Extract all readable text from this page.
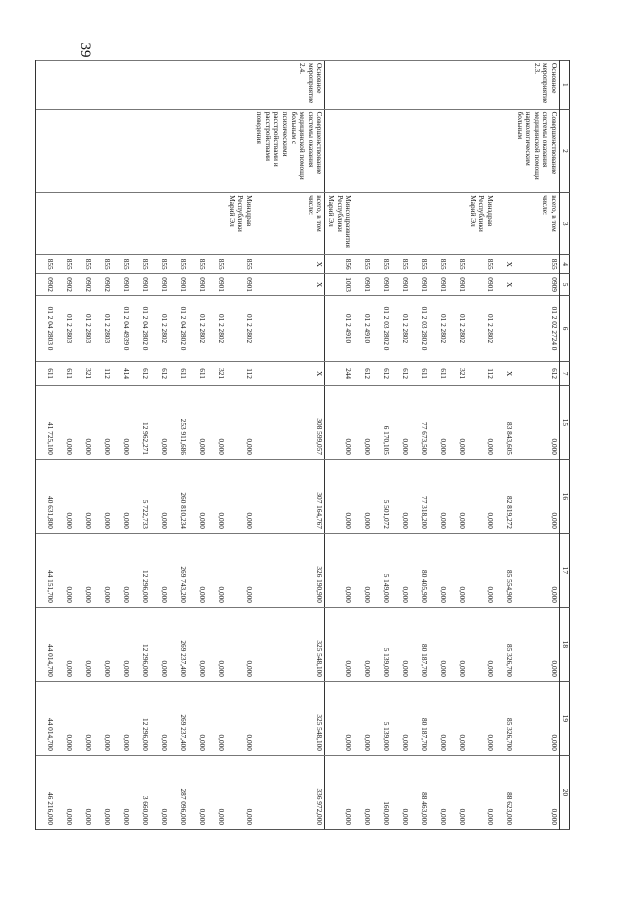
39
1	2	3	4	5	6	7	15	16	17	18	19	20
Основное мероприятие 2.3.	Совершенствование системы оказания медицинской помощи наркологическим больным	всего, в том числе:	855	0909	01 2 02 2724 0	612	0,000	0,000	0,000	0,000	0,000	0,000
			X	X		X	83 843,605	82 819,272	85 554,900	85 326,700	85 326,700	88 623,000
		Минздрав Республики Марий Эл	855	0901	01 2 2802	112	0,000	0,000	0,000	0,000	0,000	0,000
			855	0901	01 2 2802	321	0,000	0,000	0,000	0,000	0,000	0,000
			855	0901	01 2 2802	611	0,000	0,000	0,000	0,000	0,000	0,000
			855	0901	01 2 03 2802 0	611	77 673,500	77 318,200	80 405,900	80 187,700	80 187,700	88 463,000
			855	0901	01 2 2802	612	0,000	0,000	0,000	0,000	0,000	0,000
			855	0901	01 2 03 2802 0	612	6 170,105	5 501,072	5 149,000	5 139,000	5 139,000	160,000
			855	0901	01 2 4910	612	0,000	0,000	0,000	0,000	0,000	0,000
		Минсоцразвития Республики Марий Эл	856	1003	01 2 4910	244	0,000	0,000	0,000	0,000	0,000	0,000
Основное мероприятие 2.4.	Совершенствование системы оказания медицинской помощи больным с психическими расстройствами и расстройствами поведения	всего, в том числе:	X	X		X	308 599,057	307 164,767	326 190,900	325 548,100	325 548,100	336 972,000
		Минздрав Республики Марий Эл	855	0901	01 2 2802	112	0,000	0,000	0,000	0,000	0,000	0,000
			855	0901	01 2 2802	321	0,000	0,000	0,000	0,000	0,000	0,000
			855	0901	01 2 2802	611	0,000	0,000	0,000	0,000	0,000	0,000
			855	0901	01 2 04 2802 0	611	253 911,686	260 810,234	269 743,200	269 237,400	269 237,400	287 096,000
			855	0901	01 2 2802	612	0,000	0,000	0,000	0,000	0,000	0,000
			855	0901	01 2 04 2802 0	612	12 962,271	5 722,733	12 296,000	12 296,000	12 296,000	3 660,000
			855	0901	01 2 04 4939 0	414	0,000	0,000	0,000	0,000	0,000	0,000
			855	0902	01 2 2803	112	0,000	0,000	0,000	0,000	0,000	0,000
			855	0902	01 2 2803	321	0,000	0,000	0,000	0,000	0,000	0,000
			855	0902	01 2 2803	611	0,000	0,000	0,000	0,000	0,000	0,000
			855	0902	01 2 04 2803 0	611	41 725,100	40 631,800	44 151,700	44 014,700	44 014,700	46 216,000
